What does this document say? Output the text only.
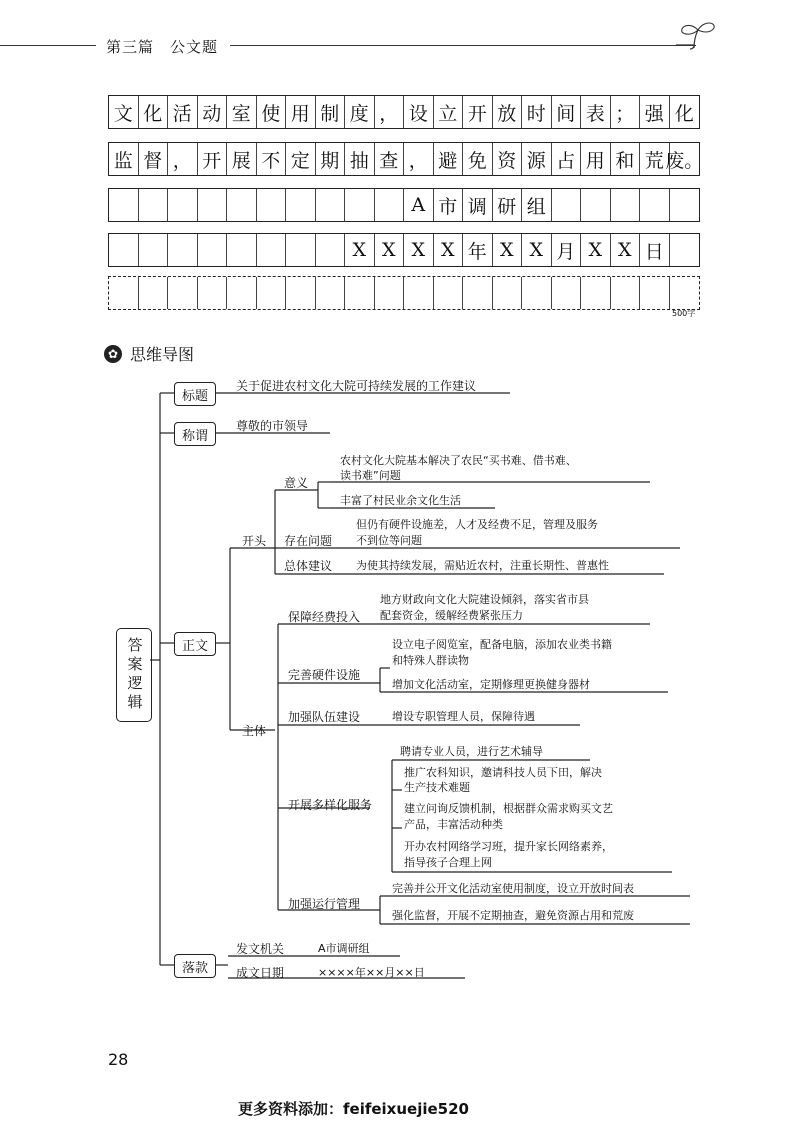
第三篇　公文题
文 化 活 动 室 使 用 制 度 ， 设 立 开 放 时 间 表 ； 强 化
监 督 ， 开 展 不 定 期 抽 查 ， 避 免 资 源 占 用 和 荒 废。
A 市 调 研 组
X X X X 年 X X 月 X X 日
500字
✿ 思维导图
答案逻辑
标题
称谓
正文
落款
关于促进农村文化大院可持续发展的工作建议
尊敬的市领导
开头
意义
农村文化大院基本解决了农民“买书难、借书难、
读书难”问题
丰富了村民业余文化生活
存在问题
但仍有硬件设施差，人才及经费不足，管理及服务
不到位等问题
总体建议 为使其持续发展，需贴近农村，注重长期性、普惠性
主体
保障经费投入
地方财政向文化大院建设倾斜，落实省市县
配套资金，缓解经费紧张压力
完善硬件设施
设立电子阅览室，配备电脑，添加农业类书籍
和特殊人群读物
增加文化活动室，定期修理更换健身器材
加强队伍建设	增设专职管理人员，保障待遇
开展多样化服务
聘请专业人员，进行艺术辅导
推广农科知识，邀请科技人员下田，解决
生产技术难题
建立问询反馈机制，根据群众需求购买文艺
产品，丰富活动种类
开办农村网络学习班，提升家长网络素养，
指导孩子合理上网
加强运行管理
完善并公开文化活动室使用制度，设立开放时间表
强化监督，开展不定期抽查，避免资源占用和荒废
发文机关	A市调研组
成文日期	××××年××月××日
28
更多资料添加：feifeixuejie520
